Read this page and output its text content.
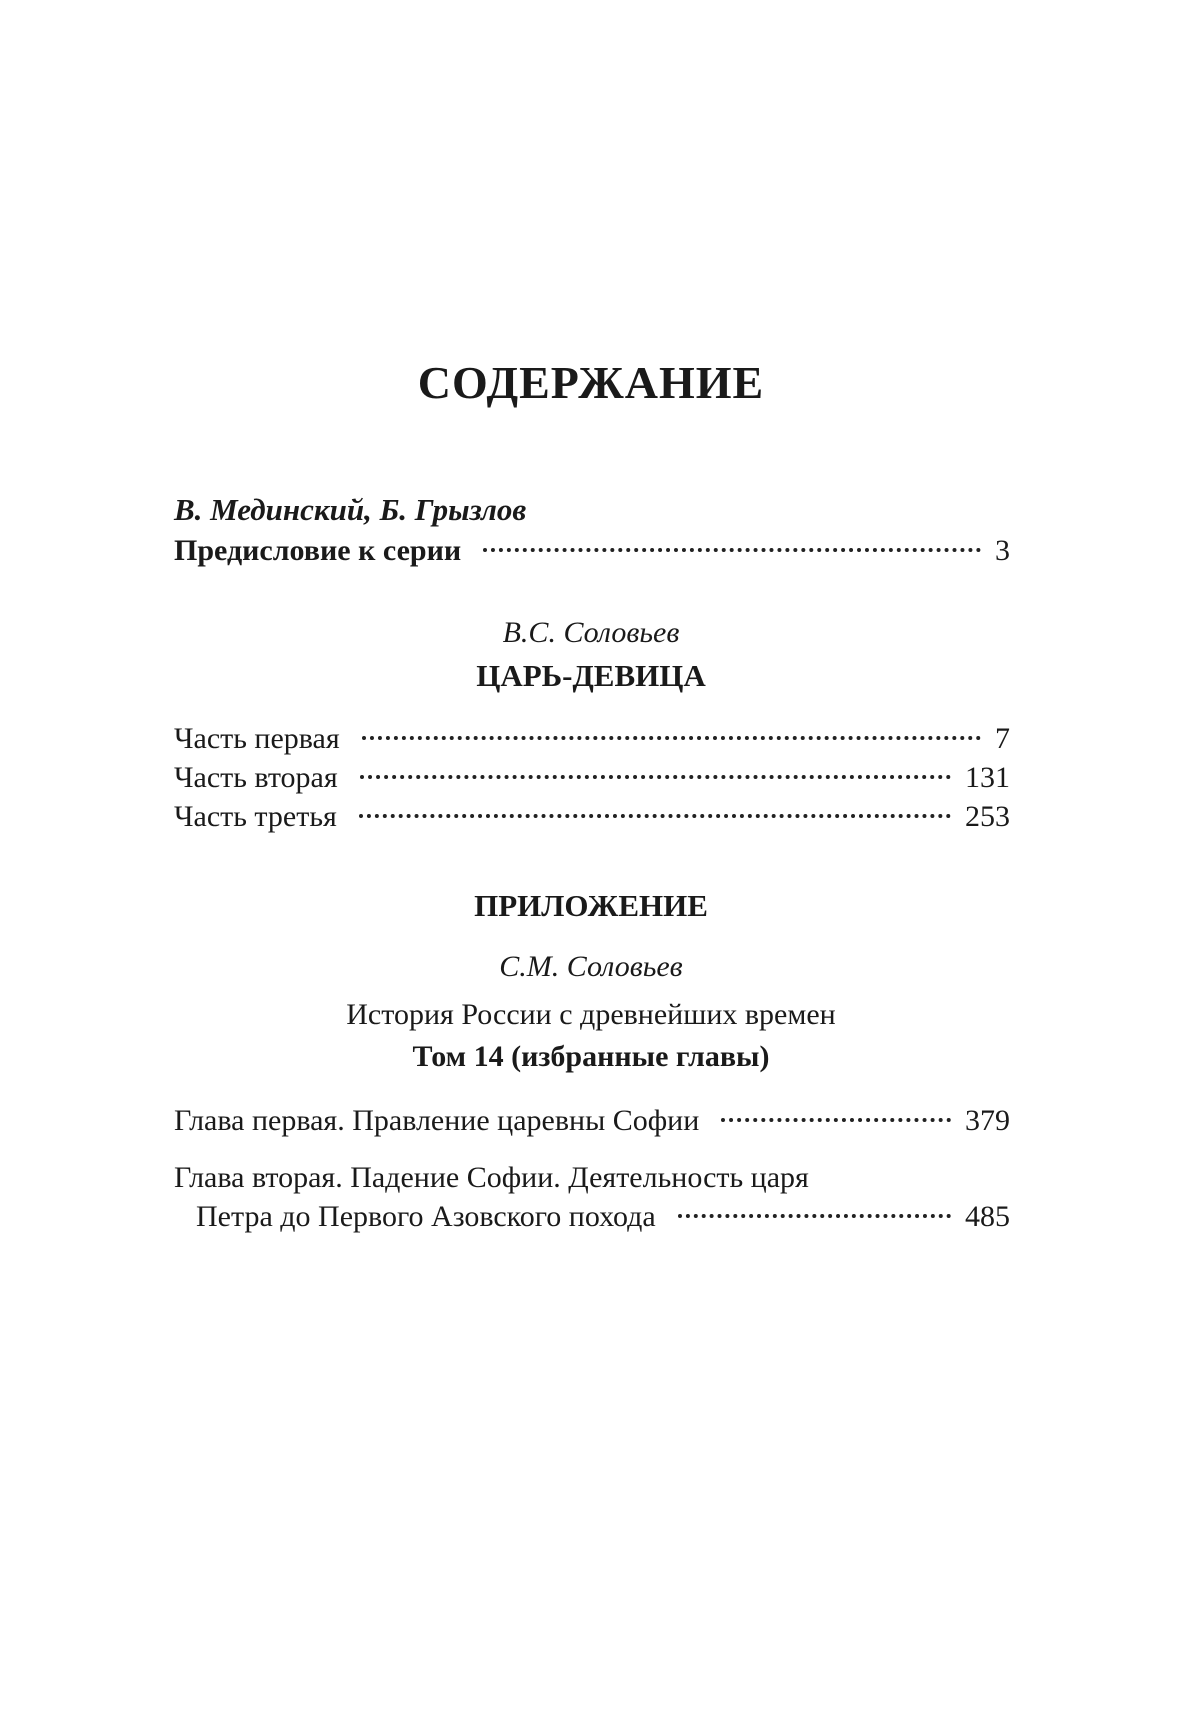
СОДЕРЖАНИЕ
В. Мединский, Б. Грызлов
Предисловие к серии	3
В.С. Соловьев
ЦАРЬ-ДЕВИЦА
Часть первая	7
Часть вторая	131
Часть третья	253
ПРИЛОЖЕНИЕ
С.М. Соловьев
История России с древнейших времен
Том 14 (избранные главы)
Глава первая. Правление царевны Софии	379
Глава вторая. Падение Софии. Деятельность царя
Петра до Первого Азовского похода	485
